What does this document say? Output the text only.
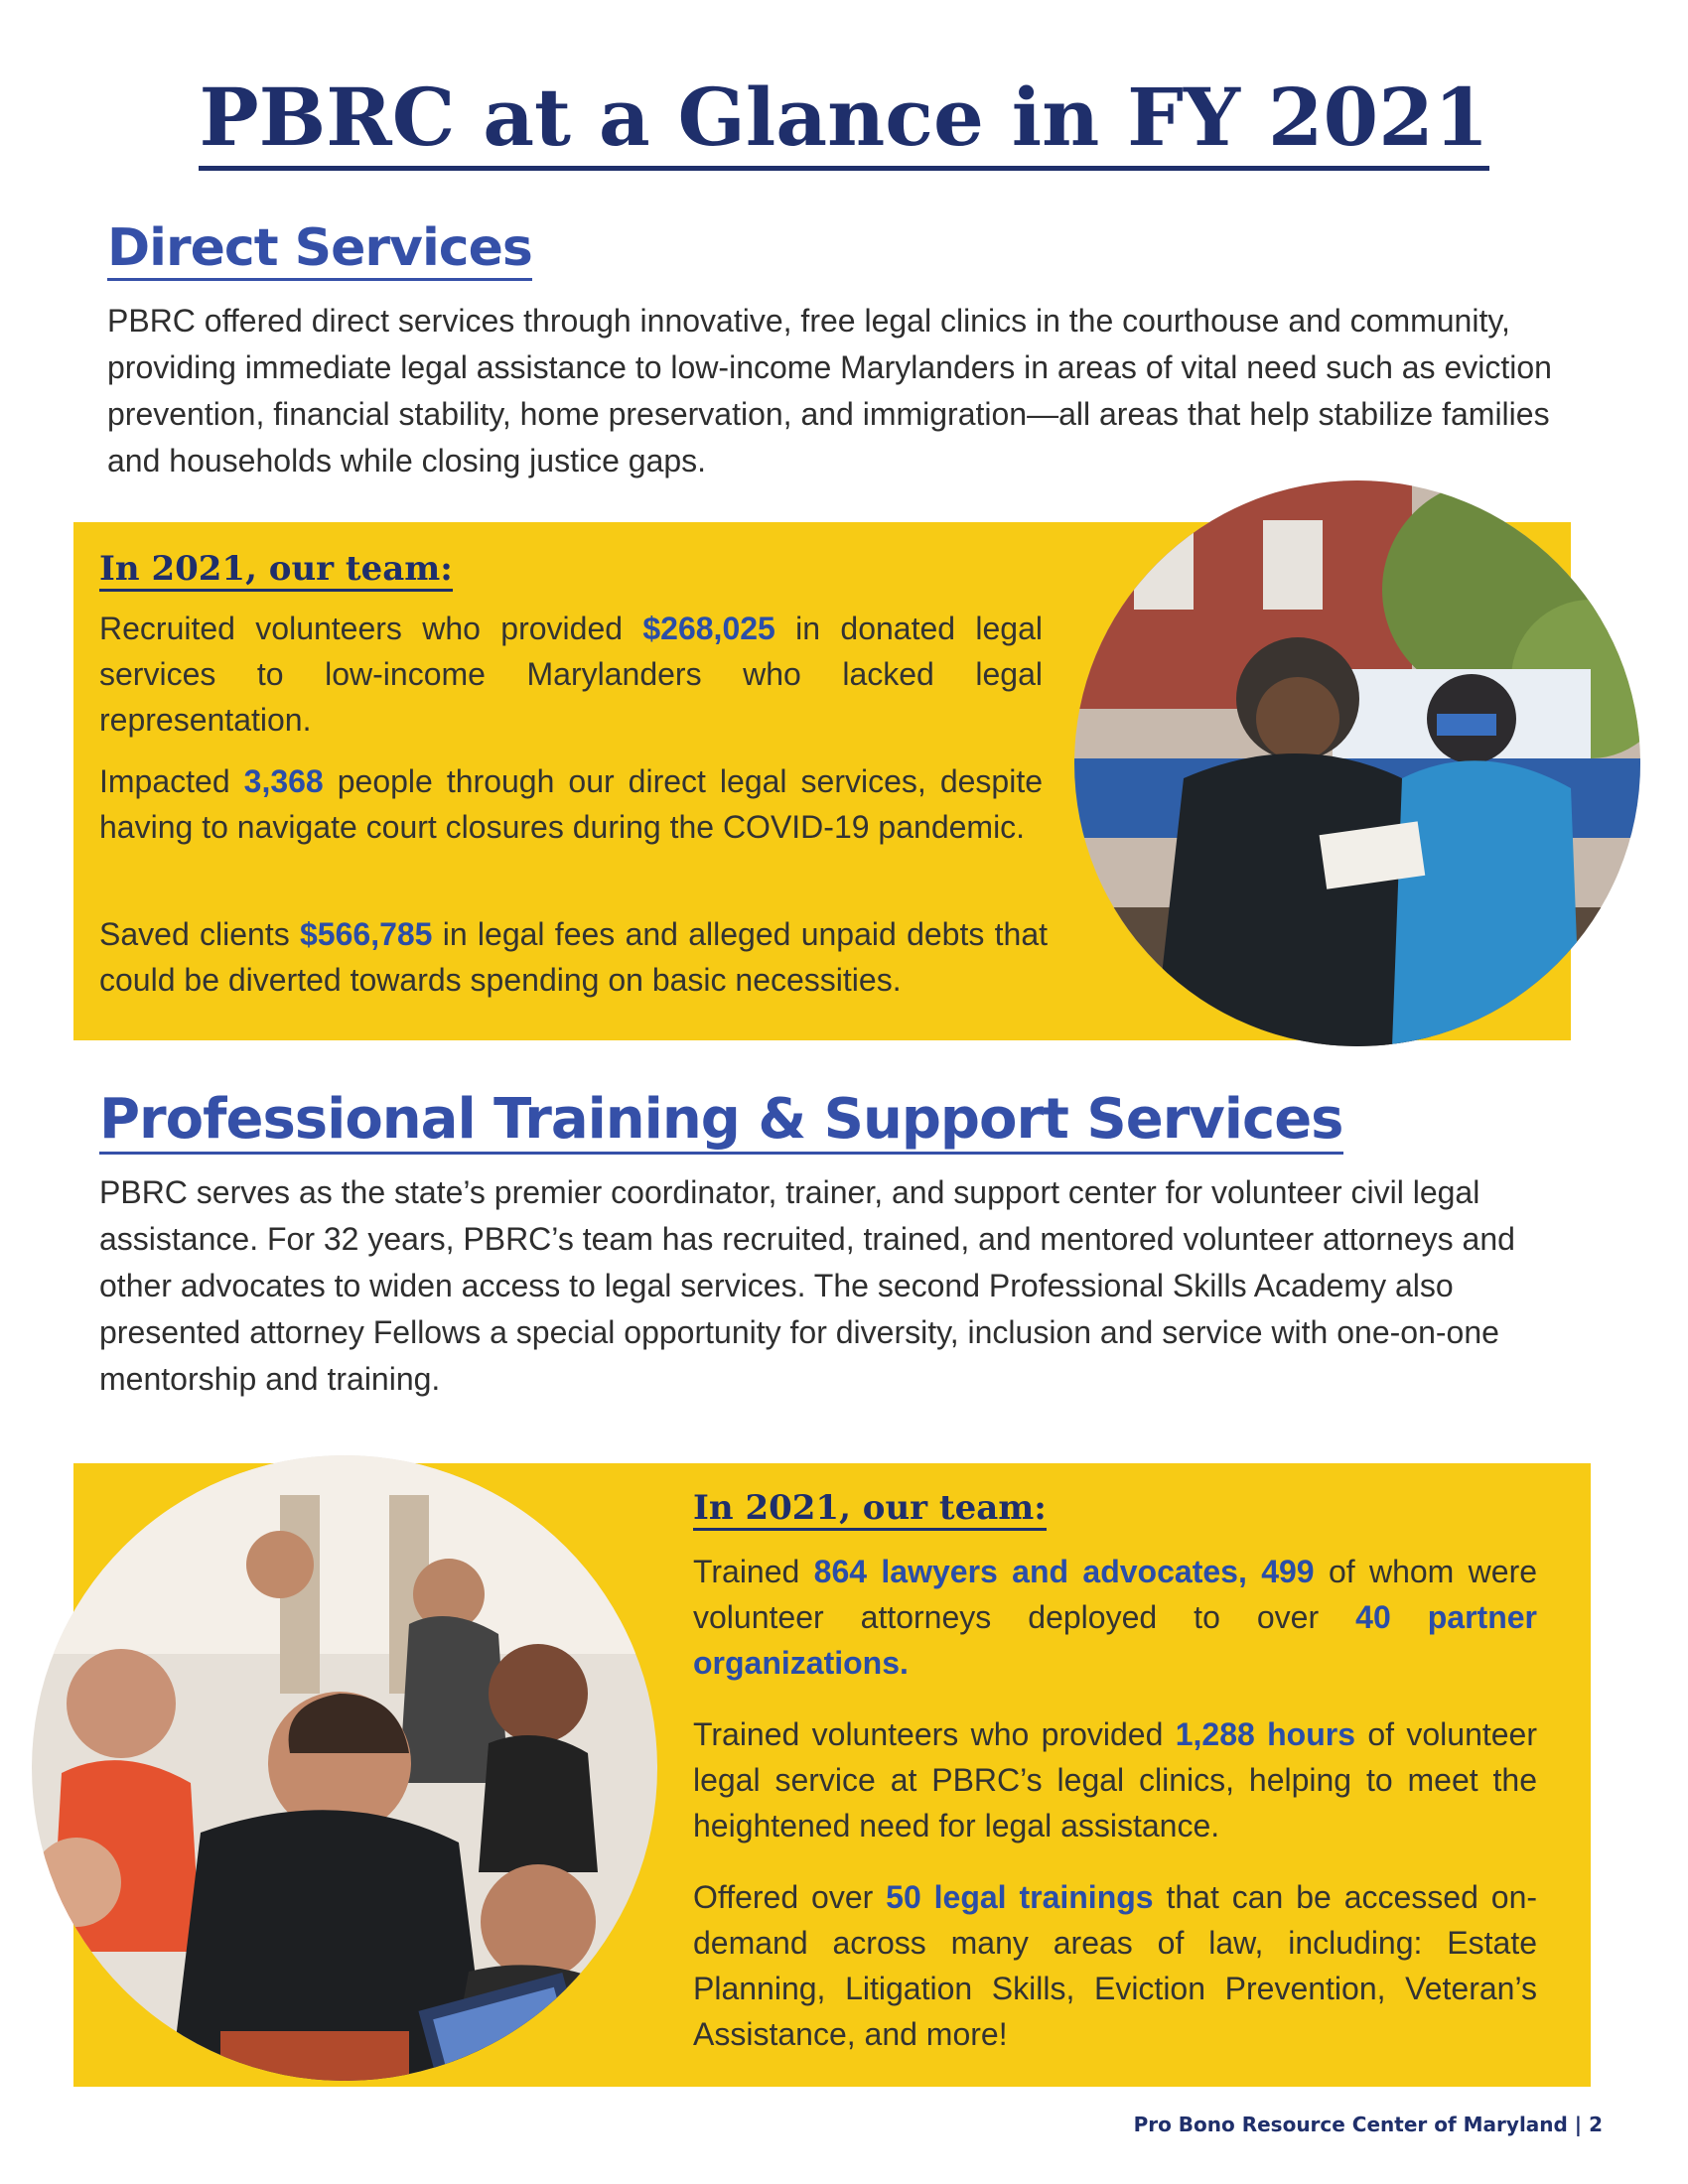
PBRC at a Glance in FY 2021
Direct Services
PBRC offered direct services through innovative, free legal clinics in the courthouse and community, providing immediate legal assistance to low-income Marylanders in areas of vital need such as eviction prevention, financial stability, home preservation, and immigration—all areas that help stabilize families and households while closing justice gaps.
In 2021, our team:
Recruited volunteers who provided $268,025 in donated legal services to low-income Marylanders who lacked legal representation.
Impacted 3,368 people through our direct legal services, despite having to navigate court closures during the COVID-19 pandemic.
Saved clients $566,785 in legal fees and alleged unpaid debts that could be diverted towards spending on basic necessities.
Professional Training & Support Services
PBRC serves as the state’s premier coordinator, trainer, and support center for volunteer civil legal assistance. For 32 years, PBRC’s team has recruited, trained, and mentored volunteer attorneys and other advocates to widen access to legal services. The second Professional Skills Academy also presented attorney Fellows a special opportunity for diversity, inclusion and service with one-on-one mentorship and training.
In 2021, our team:
Trained 864 lawyers and advocates, 499 of whom were volunteer attorneys deployed to over 40 partner organizations.
Trained volunteers who provided 1,288 hours of volunteer legal service at PBRC’s legal clinics, helping to meet the heightened need for legal assistance.
Offered over 50 legal trainings that can be accessed on-demand across many areas of law, including: Estate Planning, Litigation Skills, Eviction Prevention, Veteran’s Assistance, and more!
Pro Bono Resource Center of Maryland | 2
